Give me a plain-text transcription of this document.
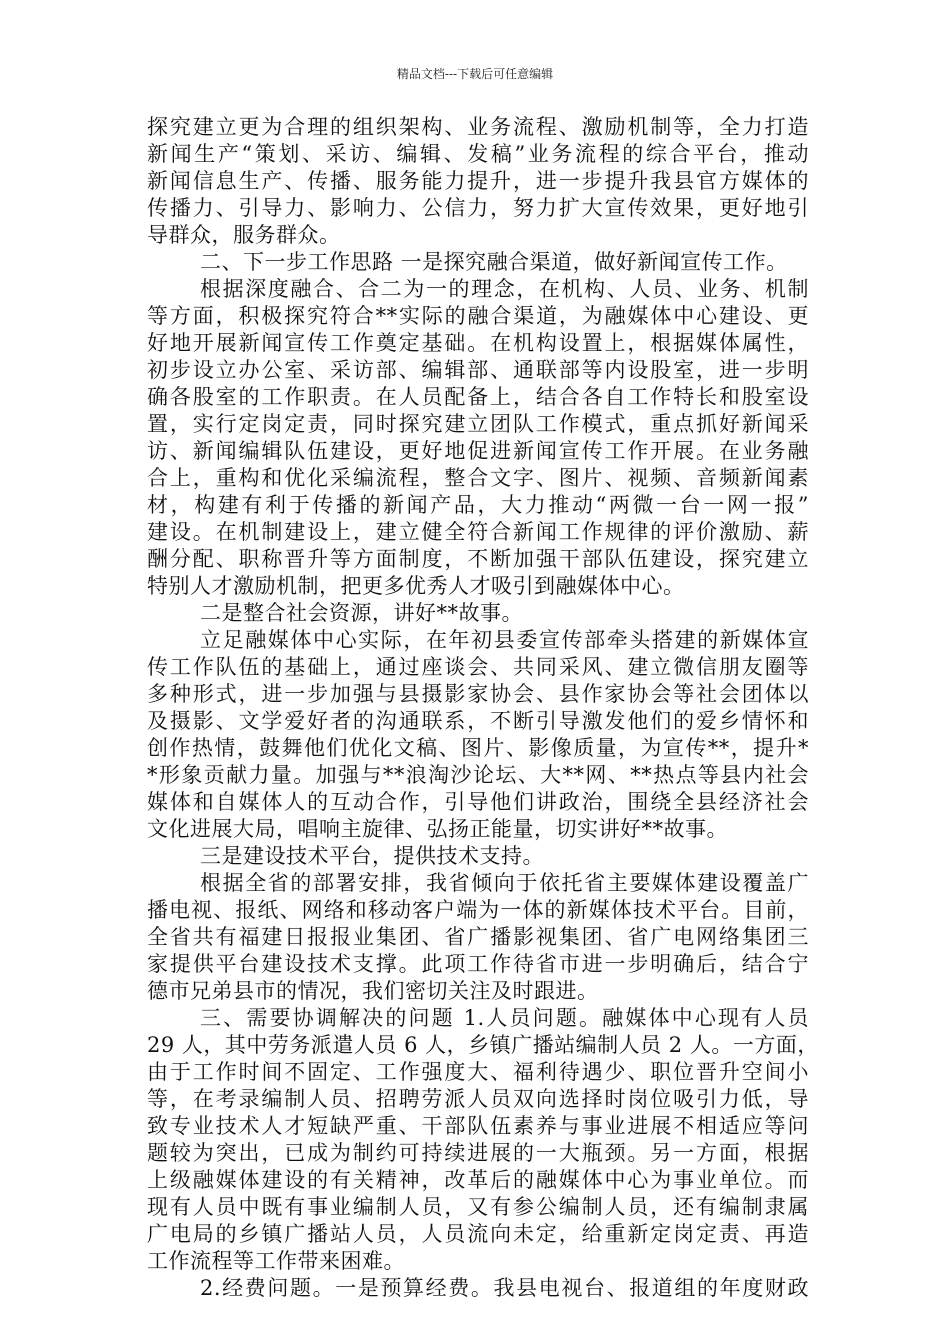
精品文档---下载后可任意编辑
探究建立更为合理的组织架构、业务流程、激励机制等，全力打造
新闻生产“策划、采访、编辑、发稿”业务流程的综合平台，推动
新闻信息生产、传播、服务能力提升，进一步提升我县官方媒体的
传播力、引导力、影响力、公信力，努力扩大宣传效果，更好地引
导群众，服务群众。
二、下一步工作思路 一是探究融合渠道，做好新闻宣传工作。
根据深度融合、合二为一的理念，在机构、人员、业务、机制
等方面，积极探究符合**实际的融合渠道，为融媒体中心建设、更
好地开展新闻宣传工作奠定基础。在机构设置上，根据媒体属性，
初步设立办公室、采访部、编辑部、通联部等内设股室，进一步明
确各股室的工作职责。在人员配备上，结合各自工作特长和股室设
置，实行定岗定责，同时探究建立团队工作模式，重点抓好新闻采
访、新闻编辑队伍建设，更好地促进新闻宣传工作开展。在业务融
合上，重构和优化采编流程，整合文字、图片、视频、音频新闻素
材，构建有利于传播的新闻产品，大力推动“两微一台一网一报”
建设。在机制建设上，建立健全符合新闻工作规律的评价激励、薪
酬分配、职称晋升等方面制度，不断加强干部队伍建设，探究建立
特别人才激励机制，把更多优秀人才吸引到融媒体中心。
二是整合社会资源，讲好**故事。
立足融媒体中心实际，在年初县委宣传部牵头搭建的新媒体宣
传工作队伍的基础上，通过座谈会、共同采风、建立微信朋友圈等
多种形式，进一步加强与县摄影家协会、县作家协会等社会团体以
及摄影、文学爱好者的沟通联系，不断引导激发他们的爱乡情怀和
创作热情，鼓舞他们优化文稿、图片、影像质量，为宣传**，提升*
*形象贡献力量。加强与**浪淘沙论坛、大**网、**热点等县内社会
媒体和自媒体人的互动合作，引导他们讲政治，围绕全县经济社会
文化进展大局，唱响主旋律、弘扬正能量，切实讲好**故事。
三是建设技术平台，提供技术支持。
根据全省的部署安排，我省倾向于依托省主要媒体建设覆盖广
播电视、报纸、网络和移动客户端为一体的新媒体技术平台。目前，
全省共有福建日报报业集团、省广播影视集团、省广电网络集团三
家提供平台建设技术支撑。此项工作待省市进一步明确后，结合宁
德市兄弟县市的情况，我们密切关注及时跟进。
三、需要协调解决的问题 1.人员问题。融媒体中心现有人员
29 人，其中劳务派遣人员 6 人，乡镇广播站编制人员 2 人。一方面，
由于工作时间不固定、工作强度大、福利待遇少、职位晋升空间小
等，在考录编制人员、招聘劳派人员双向选择时岗位吸引力低，导
致专业技术人才短缺严重、干部队伍素养与事业进展不相适应等问
题较为突出，已成为制约可持续进展的一大瓶颈。另一方面，根据
上级融媒体建设的有关精神，改革后的融媒体中心为事业单位。而
现有人员中既有事业编制人员，又有参公编制人员，还有编制隶属
广电局的乡镇广播站人员，人员流向未定，给重新定岗定责、再造
工作流程等工作带来困难。
2.经费问题。一是预算经费。我县电视台、报道组的年度财政
